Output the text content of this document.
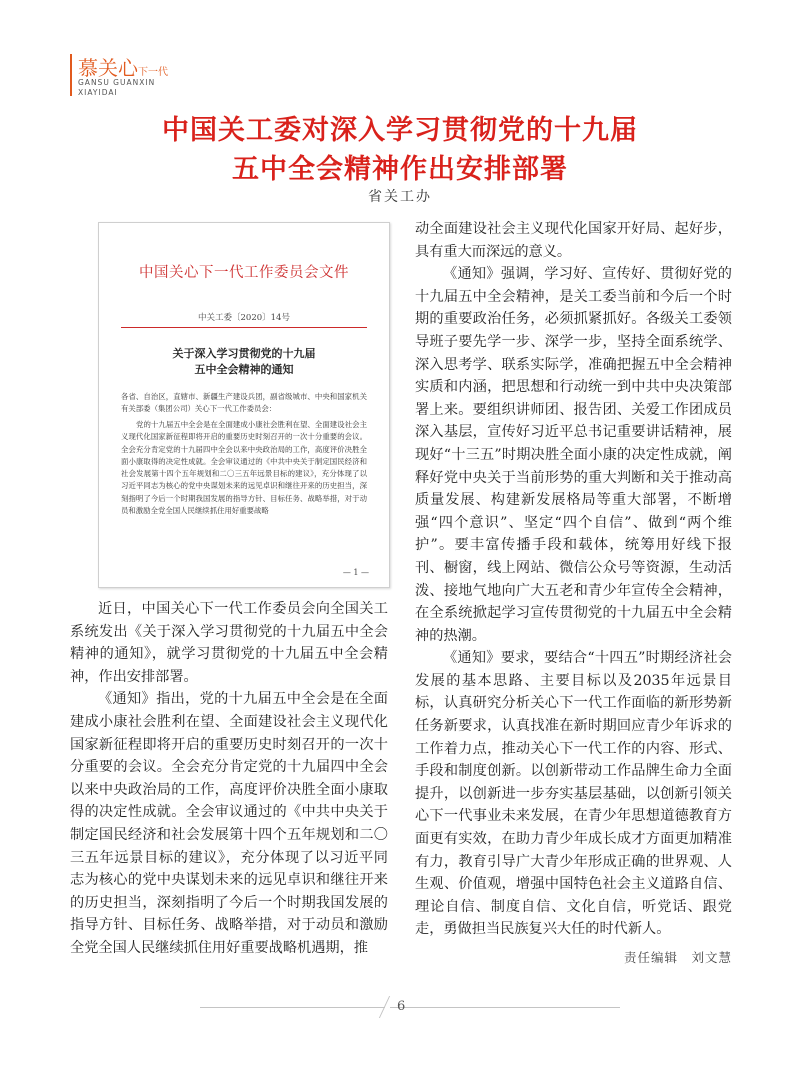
慕关心下一代
GANSU GUANXIN
XIAYIDAI
中国关工委对深入学习贯彻党的十九届
五中全会精神作出安排部署
省关工办
中国关心下一代工作委员会文件
中关工委〔2020〕14号
关于深入学习贯彻党的十九届
五中全会精神的通知

各省、自治区，直辖市、新疆生产建设兵团，副省级城市、中央和国家机关有关部委（集团公司）关心下一代工作委员会：

党的十九届五中全会是在全面建成小康社会胜利在望、全面建设社会主义现代化国家新征程即将开启的重要历史时刻召开的一次十分重要的会议。全会充分肯定党的十九届四中全会以来中央政治局的工作，高度评价决胜全面小康取得的决定性成就。全会审议通过的《中共中央关于制定国民经济和社会发展第十四个五年规划和二〇三五年远景目标的建议》，充分体现了以习近平同志为核心的党中央谋划未来的远见卓识和继往开来的历史担当，深刻指明了今后一个时期我国发展的指导方针、目标任务、战略举措，对于动员和激励全党全国人民继续抓住用好重要战略

— 1 —

近日，中国关心下一代工作委员会向全国关工系统发出《关于深入学习贯彻党的十九届五中全会精神的通知》，就学习贯彻党的十九届五中全会精神，作出安排部署。

《通知》指出，党的十九届五中全会是在全面建成小康社会胜利在望、全面建设社会主义现代化国家新征程即将开启的重要历史时刻召开的一次十分重要的会议。全会充分肯定党的十九届四中全会以来中央政治局的工作，高度评价决胜全面小康取得的决定性成就。全会审议通过的《中共中央关于制定国民经济和社会发展第十四个五年规划和二〇三五年远景目标的建议》，充分体现了以习近平同志为核心的党中央谋划未来的远见卓识和继往开来的历史担当，深刻指明了今后一个时期我国发展的指导方针、目标任务、战略举措，对于动员和激励全党全国人民继续抓住用好重要战略机遇期，推

动全面建设社会主义现代化国家开好局、起好步，具有重大而深远的意义。

《通知》强调，学习好、宣传好、贯彻好党的十九届五中全会精神，是关工委当前和今后一个时期的重要政治任务，必须抓紧抓好。各级关工委领导班子要先学一步、深学一步，坚持全面系统学、深入思考学、联系实际学，准确把握五中全会精神实质和内涵，把思想和行动统一到中共中央决策部署上来。要组织讲师团、报告团、关爱工作团成员深入基层，宣传好习近平总书记重要讲话精神，展现好“十三五”时期决胜全面小康的决定性成就，阐释好党中央关于当前形势的重大判断和关于推动高质量发展、构建新发展格局等重大部署，不断增强“四个意识”、坚定“四个自信”、做到“两个维护”。要丰富传播手段和载体，统筹用好线下报刊、橱窗，线上网站、微信公众号等资源，生动活泼、接地气地向广大五老和青少年宣传全会精神，在全系统掀起学习宣传贯彻党的十九届五中全会精神的热潮。

《通知》要求，要结合“十四五”时期经济社会发展的基本思路、主要目标以及2035年远景目标，认真研究分析关心下一代工作面临的新形势新任务新要求，认真找准在新时期回应青少年诉求的工作着力点，推动关心下一代工作的内容、形式、手段和制度创新。以创新带动工作品牌生命力全面提升，以创新进一步夯实基层基础，以创新引领关心下一代事业未来发展，在青少年思想道德教育方面更有实效，在助力青少年成长成才方面更加精准有力，教育引导广大青少年形成正确的世界观、人生观、价值观，增强中国特色社会主义道路自信、理论自信、制度自信、文化自信，听党话、跟党走，勇做担当民族复兴大任的时代新人。

责任编辑　刘文慧
6
